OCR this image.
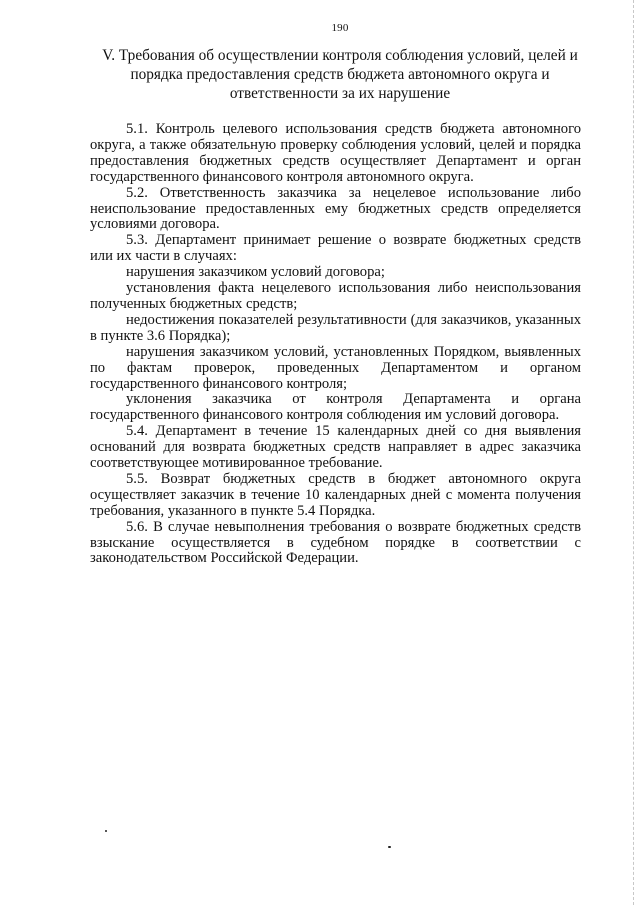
190
V. Требования об осуществлении контроля соблюдения условий, целей и порядка предоставления средств бюджета автономного округа и ответственности за их нарушение

5.1. Контроль целевого использования средств бюджета автономного округа, а также обязательную проверку соблюдения условий, целей и порядка предоставления бюджетных средств осуществляет Департамент и орган государственного финансового контроля автономного округа.

5.2. Ответственность заказчика за нецелевое использование либо неиспользование предоставленных ему бюджетных средств определяется условиями договора.

5.3. Департамент принимает решение о возврате бюджетных средств или их части в случаях:

нарушения заказчиком условий договора;

установления факта нецелевого использования либо неиспользования полученных бюджетных средств;

недостижения показателей результативности (для заказчиков, указанных в пункте 3.6 Порядка);

нарушения заказчиком условий, установленных Порядком, выявленных по фактам проверок, проведенных Департаментом и органом государственного финансового контроля;

уклонения заказчика от контроля Департамента и органа государственного финансового контроля соблюдения им условий договора.

5.4. Департамент в течение 15 календарных дней со дня выявления оснований для возврата бюджетных средств направляет в адрес заказчика соответствующее мотивированное требование.

5.5. Возврат бюджетных средств в бюджет автономного округа осуществляет заказчик в течение 10 календарных дней с момента получения требования, указанного в пункте 5.4 Порядка.

5.6. В случае невыполнения требования о возврате бюджетных средств взыскание осуществляется в судебном порядке в соответствии с законодательством Российской Федерации.
